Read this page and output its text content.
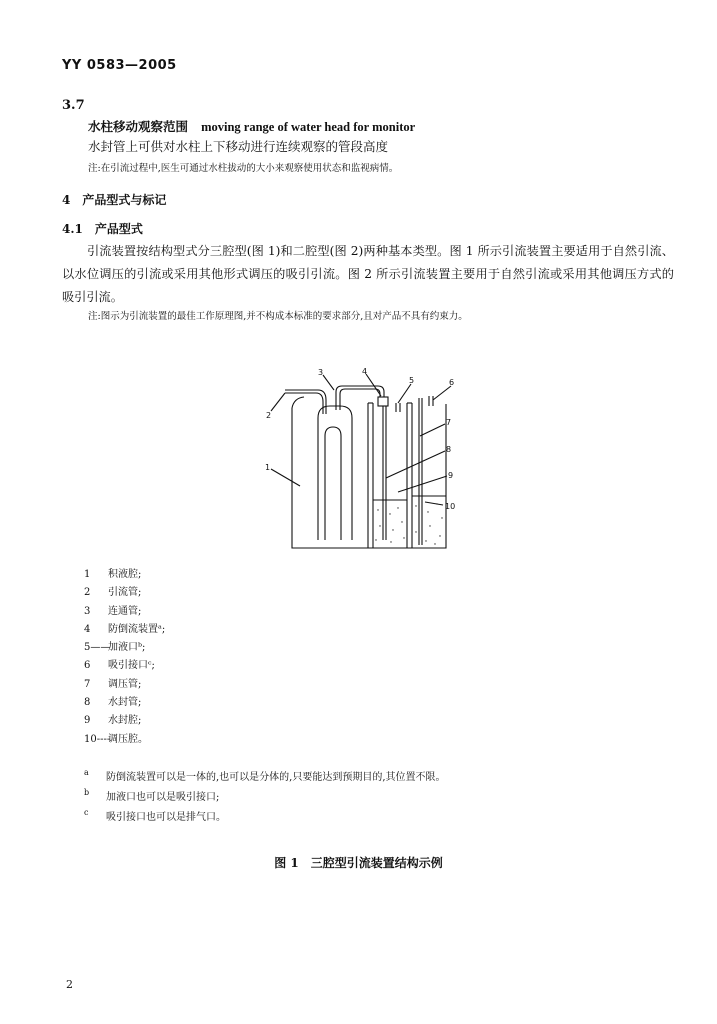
YY 0583—2005
3.7
水柱移动观察范围 moving range of water head for monitor
水封管上可供对水柱上下移动进行连续观察的管段高度
注:在引流过程中,医生可通过水柱拔动的大小来观察使用状态和监视病情。
4　产品型式与标记
4.1　产品型式
引流装置按结构型式分三腔型(图 1)和二腔型(图 2)两种基本类型。图 1 所示引流装置主要适用于自然引流、以水位调压的引流或采用其他形式调压的吸引引流。图 2 所示引流装置主要用于自然引流或采用其他调压方式的吸引引流。
注:图示为引流装置的最佳工作原理图,并不构成本标准的要求部分,且对产品不具有约束力。
1
2
3	4
5	6
7
8
9
10
1 积液腔;
2 引流管;
3 连通管;
4 防倒流装置ᵃ;
5——加液口ᵇ;
6 吸引接口ᶜ;
7 调压管;
8 水封管;
9 水封腔;
10----调压腔。
$^a$ 防倒流装置可以是一体的,也可以是分体的,只要能达到预期目的,其位置不限。
$^b$ 加液口也可以是吸引接口;
$^c$ 吸引接口也可以是排气口。
图 1　三腔型引流装置结构示例
2
